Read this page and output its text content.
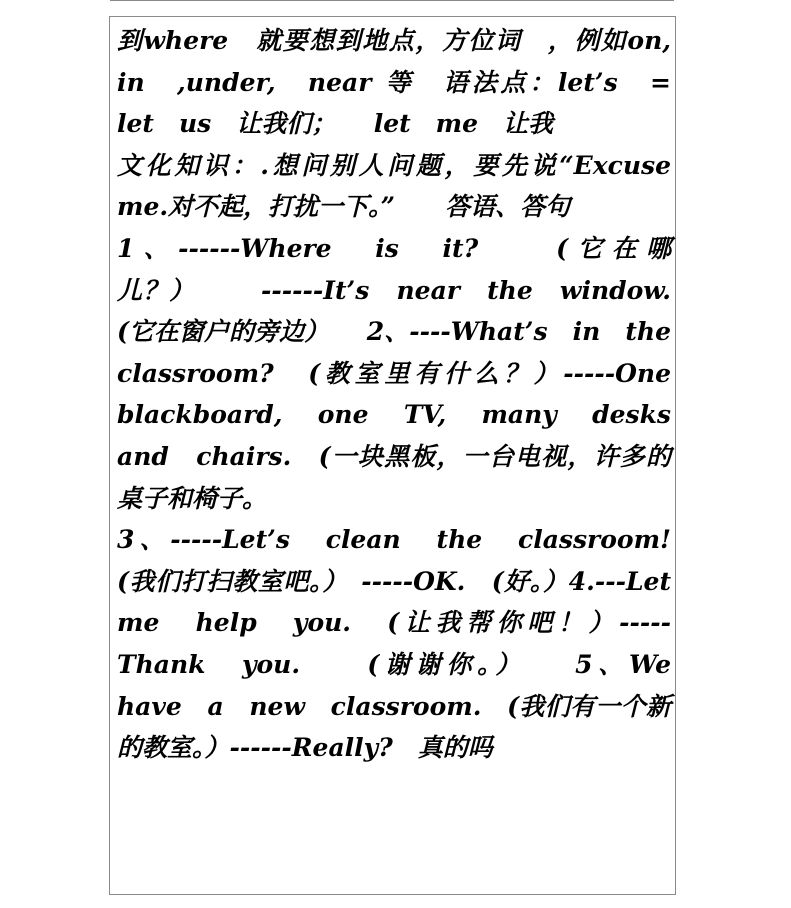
到where　就要想到地点，方位词　，例如on,　in　,under,　near 等　语法点：let’s　=　let　us　让我们；　　let　me　让我

文化知识：.想问别人问题，要先说“Excuse me.对不起，打扰一下。”　　答语、答句

1、------Where　is　it?　　(它在哪儿？）　　　------It’s　near　the　window.　(它在窗户的旁边）　　2、----What’s　in　the　classroom?　(教室里有什么？）-----One　blackboard,　one　TV,　many　desks　and　chairs.　(一块黑板，一台电视，许多的桌子和椅子。

3、-----Let’s　clean　the　classroom!　(我们打扫教室吧。）　-----OK.　(好。）4.---Let　me　help　you.　(让我帮你吧！）-----Thank　you.　　(谢谢你。）　　5、We　have　a　new　classroom.　(我们有一个新的教室。）------Really?　真的吗
